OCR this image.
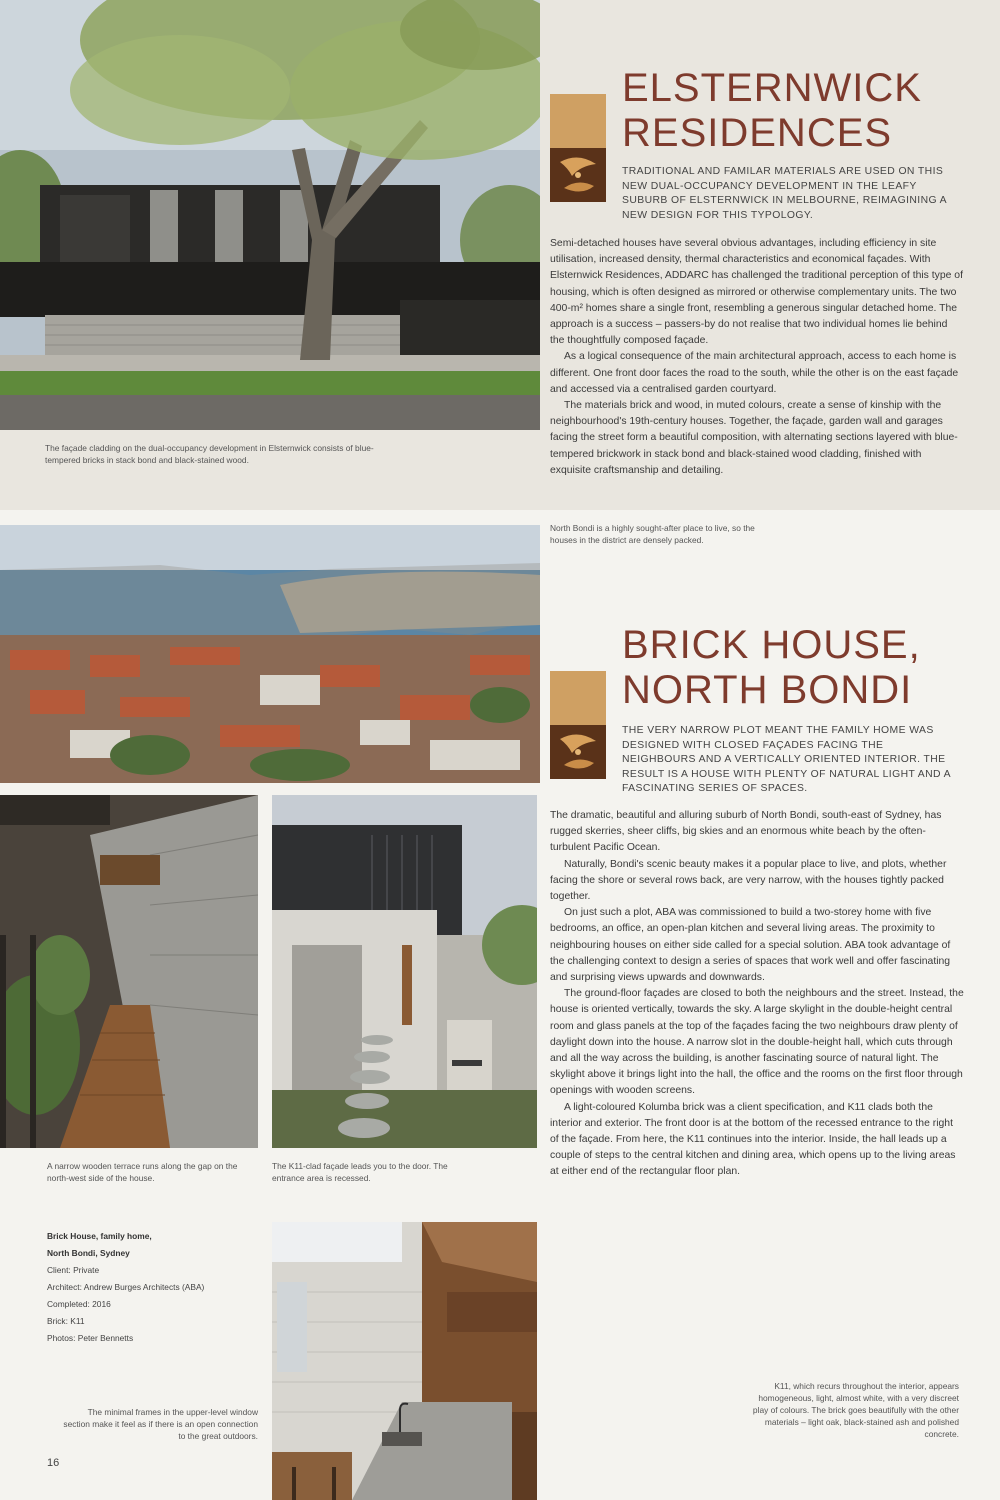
The façade cladding on the dual-occupancy development in Elsternwick consists of blue-tempered bricks in stack bond and black-stained wood.
ELSTERNWICK
RESIDENCES
TRADITIONAL AND FAMILAR MATERIALS ARE USED ON THIS NEW DUAL-OCCUPANCY DEVELOPMENT IN THE LEAFY SUBURB OF ELSTERNWICK IN MELBOURNE, REIMAGINING A NEW DESIGN FOR THIS TYPOLOGY.

Semi-detached houses have several obvious advantages, including efficiency in site utilisation, increased density, thermal characteristics and economical façades. With Elsternwick Residences, ADDARC has challenged the traditional perception of this type of housing, which is often designed as mirrored or otherwise complementary units. The two 400-m² homes share a single front, resembling a generous singular detached home. The approach is a success – passers-by do not realise that two individual homes lie behind the thoughtfully composed façade.

As a logical consequence of the main architectural approach, access to each home is different. One front door faces the road to the south, while the other is on the east façade and accessed via a centralised garden courtyard.

The materials brick and wood, in muted colours, create a sense of kinship with the neighbourhood's 19th-century houses. Together, the façade, garden wall and garages facing the street form a beautiful composition, with alternating sections layered with blue-tempered brickwork in stack bond and black-stained wood cladding, finished with exquisite craftsmanship and detailing.

North Bondi is a highly sought-after place to live, so the houses in the district are densely packed.
BRICK HOUSE,
NORTH BONDI
THE VERY NARROW PLOT MEANT THE FAMILY HOME WAS DESIGNED WITH CLOSED FAÇADES FACING THE NEIGHBOURS AND A VERTICALLY ORIENTED INTERIOR. THE RESULT IS A HOUSE WITH PLENTY OF NATURAL LIGHT AND A FASCINATING SERIES OF SPACES.

The dramatic, beautiful and alluring suburb of North Bondi, south-east of Sydney, has rugged skerries, sheer cliffs, big skies and an enormous white beach by the often-turbulent Pacific Ocean.

Naturally, Bondi's scenic beauty makes it a popular place to live, and plots, whether facing the shore or several rows back, are very narrow, with the houses tightly packed together.

On just such a plot, ABA was commissioned to build a two-storey home with five bedrooms, an office, an open-plan kitchen and several living areas. The proximity to neighbouring houses on either side called for a special solution. ABA took advantage of the challenging context to design a series of spaces that work well and offer fascinating and surprising views upwards and downwards.

The ground-floor façades are closed to both the neighbours and the street. Instead, the house is oriented vertically, towards the sky. A large skylight in the double-height central room and glass panels at the top of the façades facing the two neighbours draw plenty of daylight down into the house. A narrow slot in the double-height hall, which cuts through and all the way across the building, is another fascinating source of natural light. The skylight above it brings light into the hall, the office and the rooms on the first floor through openings with wooden screens.

A light-coloured Kolumba brick was a client specification, and K11 clads both the interior and exterior. The front door is at the bottom of the recessed entrance to the right of the façade. From here, the K11 continues into the interior. Inside, the hall leads up a couple of steps to the central kitchen and dining area, which opens up to the living areas at either end of the rectangular floor plan.

A narrow wooden terrace runs along the gap on the north-west side of the house.
The K11-clad façade leads you to the door. The entrance area is recessed.
Brick House, family home,
North Bondi, Sydney
Client: Private
Architect: Andrew Burges Architects (ABA)
Completed: 2016
Brick: K11
Photos: Peter Bennetts
The minimal frames in the upper-level window section make it feel as if there is an open connection to the great outdoors.
K11, which recurs throughout the interior, appears homogeneous, light, almost white, with a very discreet play of colours. The brick goes beautifully with the other materials – light oak, black-stained ash and polished concrete.
16
